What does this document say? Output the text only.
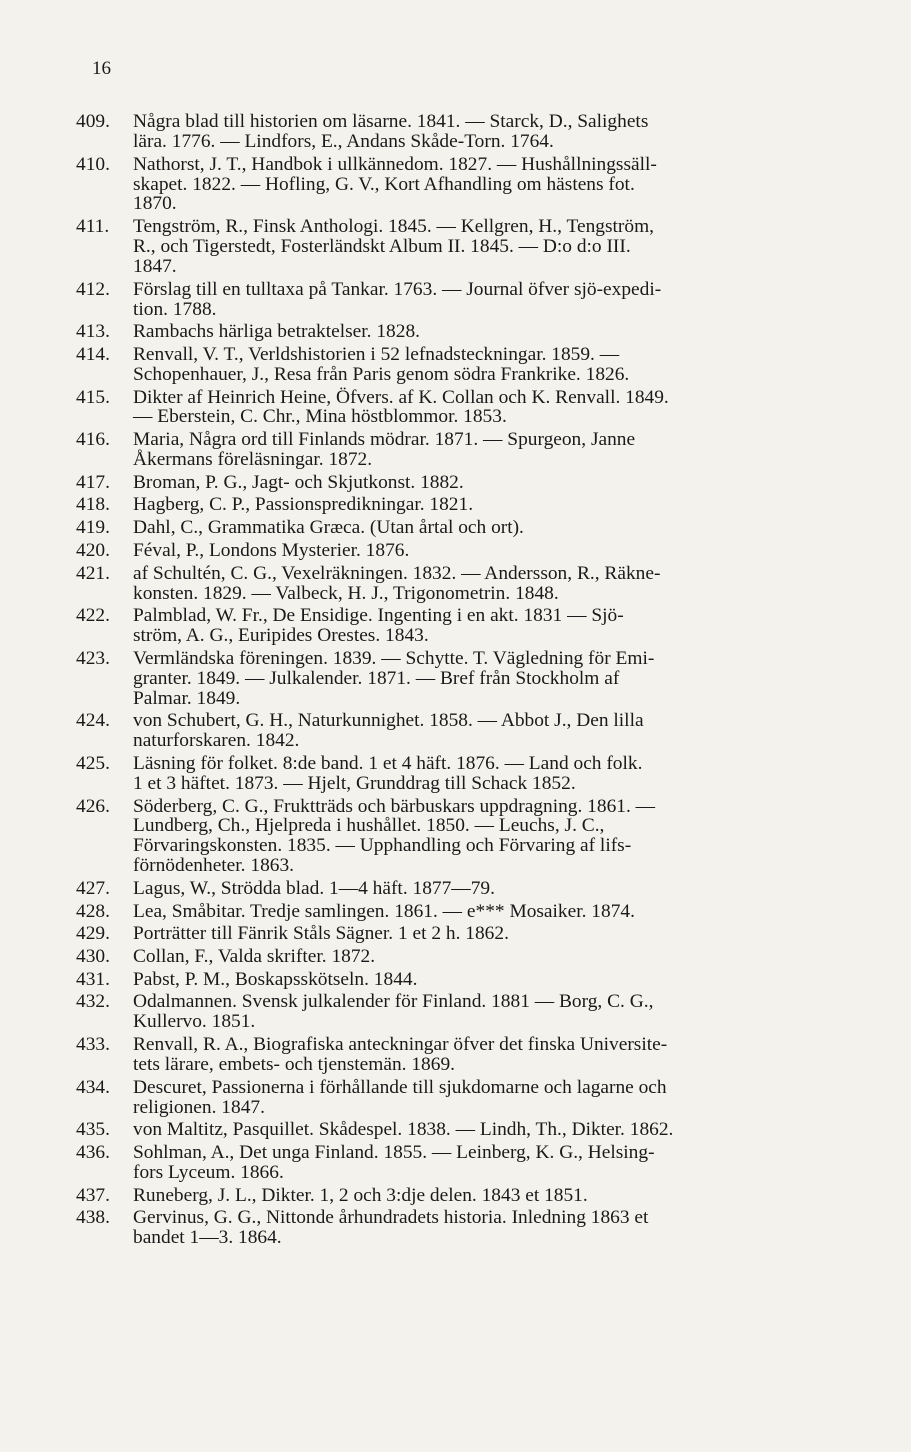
16
409.	Några blad till historien om läsarne. 1841. — Starck, D., Salighets
lära. 1776. — Lindfors, E., Andans Skåde-Torn. 1764.
410.	Nathorst, J. T., Handbok i ullkännedom. 1827. — Hushållningssäll-
skapet. 1822. — Hofling, G. V., Kort Afhandling om hästens fot.
1870.
411.	Tengström, R., Finsk Anthologi. 1845. — Kellgren, H., Tengström,
R., och Tigerstedt, Fosterländskt Album II. 1845. — D:o d:o III.
1847.
412.	Förslag till en tulltaxa på Tankar. 1763. — Journal öfver sjö-expedi-
tion. 1788.
413.	Rambachs härliga betraktelser. 1828.
414.	Renvall, V. T., Verldshistorien i 52 lefnadsteckningar. 1859. —
Schopenhauer, J., Resa från Paris genom södra Frankrike. 1826.
415.	Dikter af Heinrich Heine, Öfvers. af K. Collan och K. Renvall. 1849.
— Eberstein, C. Chr., Mina höstblommor. 1853.
416.	Maria, Några ord till Finlands mödrar. 1871. — Spurgeon, Janne
Åkermans föreläsningar. 1872.
417.	Broman, P. G., Jagt- och Skjutkonst. 1882.
418.	Hagberg, C. P., Passionspredikningar. 1821.
419.	Dahl, C., Grammatika Græca. (Utan årtal och ort).
420.	Féval, P., Londons Mysterier. 1876.
421.	af Schultén, C. G., Vexelräkningen. 1832. — Andersson, R., Räkne-
konsten. 1829. — Valbeck, H. J., Trigonometrin. 1848.
422.	Palmblad, W. Fr., De Ensidige. Ingenting i en akt. 1831 — Sjö-
ström, A. G., Euripides Orestes. 1843.
423.	Vermländska föreningen. 1839. — Schytte. T. Vägledning för Emi-
granter. 1849. — Julkalender. 1871. — Bref från Stockholm af
Palmar. 1849.
424.	von Schubert, G. H., Naturkunnighet. 1858. — Abbot J., Den lilla
naturforskaren. 1842.
425.	Läsning för folket. 8:de band. 1 et 4 häft. 1876. — Land och folk.
1 et 3 häftet. 1873. — Hjelt, Grunddrag till Schack 1852.
426.	Söderberg, C. G., Fruktträds och bärbuskars uppdragning. 1861. —
Lundberg, Ch., Hjelpreda i hushållet. 1850. — Leuchs, J. C.,
Förvaringskonsten. 1835. — Upphandling och Förvaring af lifs-
förnödenheter. 1863.
427.	Lagus, W., Strödda blad. 1—4 häft. 1877—79.
428.	Lea, Småbitar. Tredje samlingen. 1861. — e*** Mosaiker. 1874.
429.	Porträtter till Fänrik Ståls Sägner. 1 et 2 h. 1862.
430.	Collan, F., Valda skrifter. 1872.
431.	Pabst, P. M., Boskapsskötseln. 1844.
432.	Odalmannen. Svensk julkalender för Finland. 1881 — Borg, C. G.,
Kullervo. 1851.
433.	Renvall, R. A., Biografiska anteckningar öfver det finska Universite-
tets lärare, embets- och tjenstemän. 1869.
434.	Descuret, Passionerna i förhållande till sjukdomarne och lagarne och
religionen. 1847.
435.	von Maltitz, Pasquillet. Skådespel. 1838. — Lindh, Th., Dikter. 1862.
436.	Sohlman, A., Det unga Finland. 1855. — Leinberg, K. G., Helsing-
fors Lyceum. 1866.
437.	Runeberg, J. L., Dikter. 1, 2 och 3:dje delen. 1843 et 1851.
438.	Gervinus, G. G., Nittonde århundradets historia. Inledning 1863 et
bandet 1—3. 1864.
